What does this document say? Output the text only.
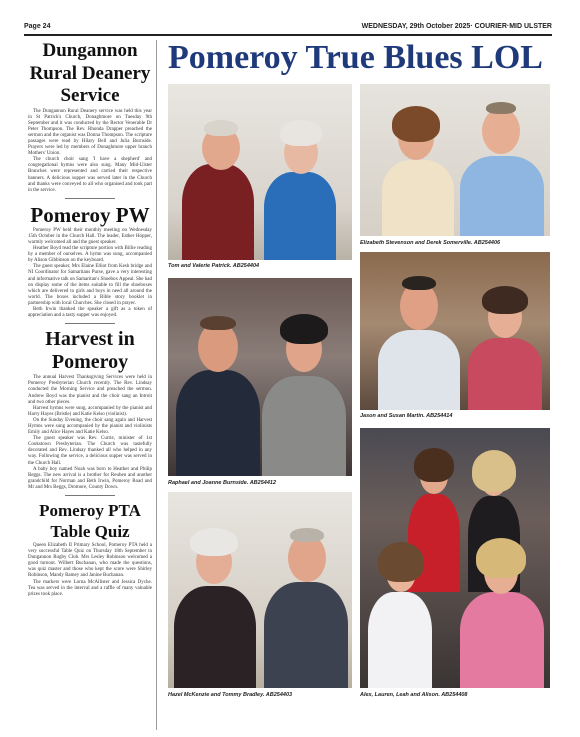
Page 24	WEDNESDAY, 29th October 2025· COURIER·MID ULSTER
Dungannon Rural Deanery Service

The Dungannon Rural Deanery service was held this year in St Patrick's Church, Donaghmore on Tuesday 9th September and it was conducted by the Rector Venerable Dr Peter Thompson. The Rev. Rhonda Drapper preached the sermon and the organist was Donna Thompson. The scripture passages were read by Hilary Bell and Julia Burnside. Prayers were led by members of Donaghmore upper branch Mothers' Union.

The church choir sang 'I have a shepherd' and congregational hymns were also sung. Many Mid-Ulster Branches were represented and carried their respective banners. A delicious supper was served later in the Church and thanks were conveyed to all who organised and took part in the service.

Pomeroy PW

Pomeroy PW held their monthly meeting on Wednesday 15th October in the Church Hall. The leader, Esther Hopper, warmly welcomed all and the guest speaker.

Heather Boyd read the scripture portion with Billie reading by a member of ourselves. A hymn was sung, accompanied by Alison Gibbinson on the keyboard.

The guest speaker, Mrs Elaine Elliot from Kesh bridge and NI Coordinator for Samaritans Purse, gave a very interesting and informative talk on Samaritan's Shoebox Appeal. She had on display some of the items suitable to fill the shoeboxes which are delivered to girls and boys in need all around the world. The boxes included a Bible story booklet in partnership with local Churches. She closed in prayer.

Beth Irwin thanked the speaker a gift as a token of appreciation and a tasty supper was enjoyed.

Harvest in Pomeroy

The annual Harvest Thanksgiving Services were held in Pomeroy Presbyterian Church recently. The Rev. Lindsay conducted the Morning Service and preached the sermon. Andrew Boyd was the pianist and the choir sang an Introit and two other pieces.

Harvest hymns were sung, accompanied by the pianist and Harry Hayes (Bristle) and Katie Kelso (violinist).

On the Sunday Evening, the choir sang again and Harvest Hymns were sung accompanied by the pianist and violinists Emily and Alice Hayes and Katie Kelso.

The guest speaker was Rev. Currie, minister of 1st Cookstown Presbyterian. The Church was tastefully decorated and Rev. Lindsay thanked all who helped in any way. Following the service, a delicious supper was served in the Church Hall.

A baby boy named Noah was born to Heather and Philip Beggs. The new arrival is a brother for Reuben and another grandchild for Norman and Beth Irwin, Pomeroy Road and Mr and Mrs Beggs, Dromore, County Down.

Pomeroy PTA Table Quiz

Queen Elizabeth II Primary School, Pomeroy PTA held a very successful Table Quiz on Thursday 18th September in Dungannon Rugby Club. Mrs Lesley Robinson welcomed a good turnout. Wilbert Buchanan, who made the questions, was quiz master and those who kept the score were Shirley Robinson, Mandy Ramey and Janine Buchanan.

The markers were Lorna McAllister and Jessica Dyche. Tea was served in the interval and a raffle of many valuable prizes took place.

Pomeroy True Blues LOL
Tom and Valerie Patrick. AB254404
Elizabeth Stevenson and Derek Somerville. AB254406
Raphael and Joanne Burnside. AB254412
Jason and Susan Martin. AB254414
Hazel McKenzie and Tommy Bradley. AB254403	Alex, Lauren, Leah and Alison. AB254408
